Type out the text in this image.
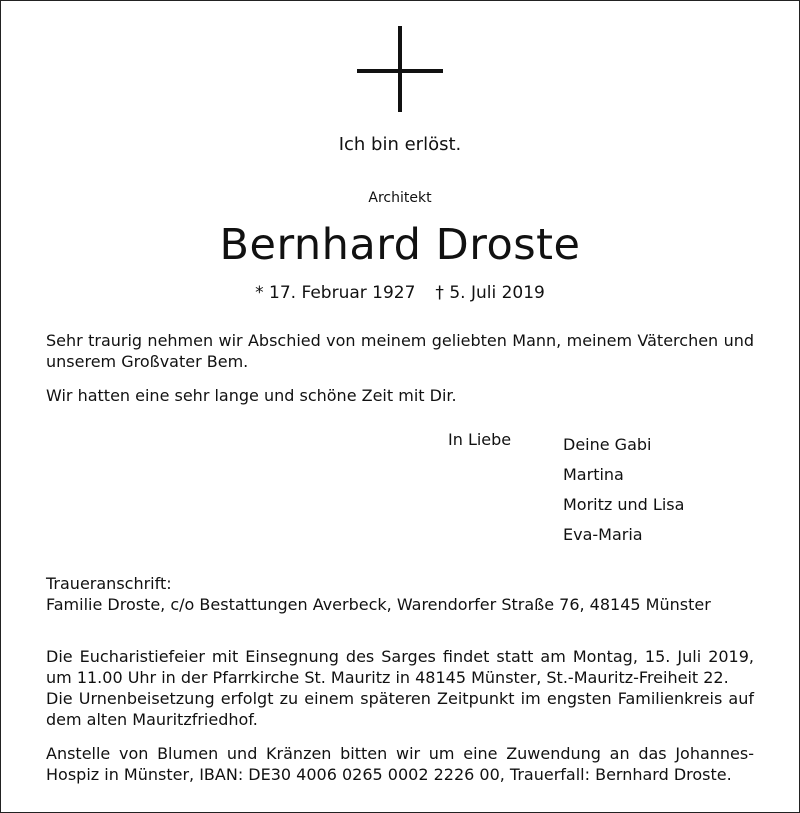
Ich bin erlöst.
Architekt
Bernhard Droste
* 17. Februar 1927 † 5. Juli 2019
Sehr traurig nehmen wir Abschied von meinem geliebten Mann, meinem Väterchen und unserem Großvater Bem.
Wir hatten eine sehr lange und schöne Zeit mit Dir.
In Liebe	Deine Gabi
Martina
Moritz und Lisa
Eva-Maria
Traueranschrift:
Familie Droste, c/o Bestattungen Averbeck, Warendorfer Straße 76, 48145 Münster
Die Eucharistiefeier mit Einsegnung des Sarges findet statt am Montag, 15. Juli 2019, um 11.00 Uhr in der Pfarrkirche St. Mauritz in 48145 Münster, St.-Mauritz-Freiheit 22.
Die Urnenbeisetzung erfolgt zu einem späteren Zeitpunkt im engsten Familienkreis auf dem alten Mauritzfriedhof.
Anstelle von Blumen und Kränzen bitten wir um eine Zuwendung an das Johannes-Hospiz in Münster, IBAN: DE30 4006 0265 0002 2226 00, Trauerfall: Bernhard Droste.
